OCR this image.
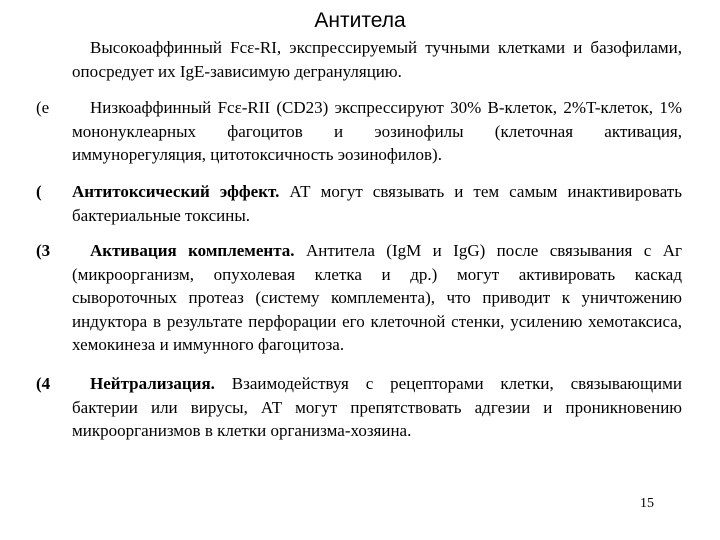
Антитела
Высокоаффинный Fcε-RI, экспрессируемый тучными клетками и базофилами, опосредует их IgE-зависимую дегрануляцию.
(e	Низкоаффинный Fcε-RII (CD23) экспрессируют 30% B-клеток, 2%T-клеток, 1% мононуклеарных фагоцитов и эозинофилы (клеточная активация, иммунорегуляция, цитотоксичность эозинофилов).
( Антитоксический эффект. АТ могут связывать и тем самым инактивировать бактериальные токсины.
(3	Активация комплемента. Антитела (IgM и IgG) после связывания с Аг (микроорганизм, опухолевая клетка и др.) могут активировать каскад сывороточных протеаз (систему комплемента), что приводит к уничтожению индуктора в результате перфорации его клеточной стенки, усилению хемотаксиса, хемокинеза и иммунного фагоцитоза.
(4	Нейтрализация. Взаимодействуя с рецепторами клетки, связывающими бактерии или вирусы, АТ могут препятствовать адгезии и проникновению микроорганизмов в клетки организма-хозяина.
15
